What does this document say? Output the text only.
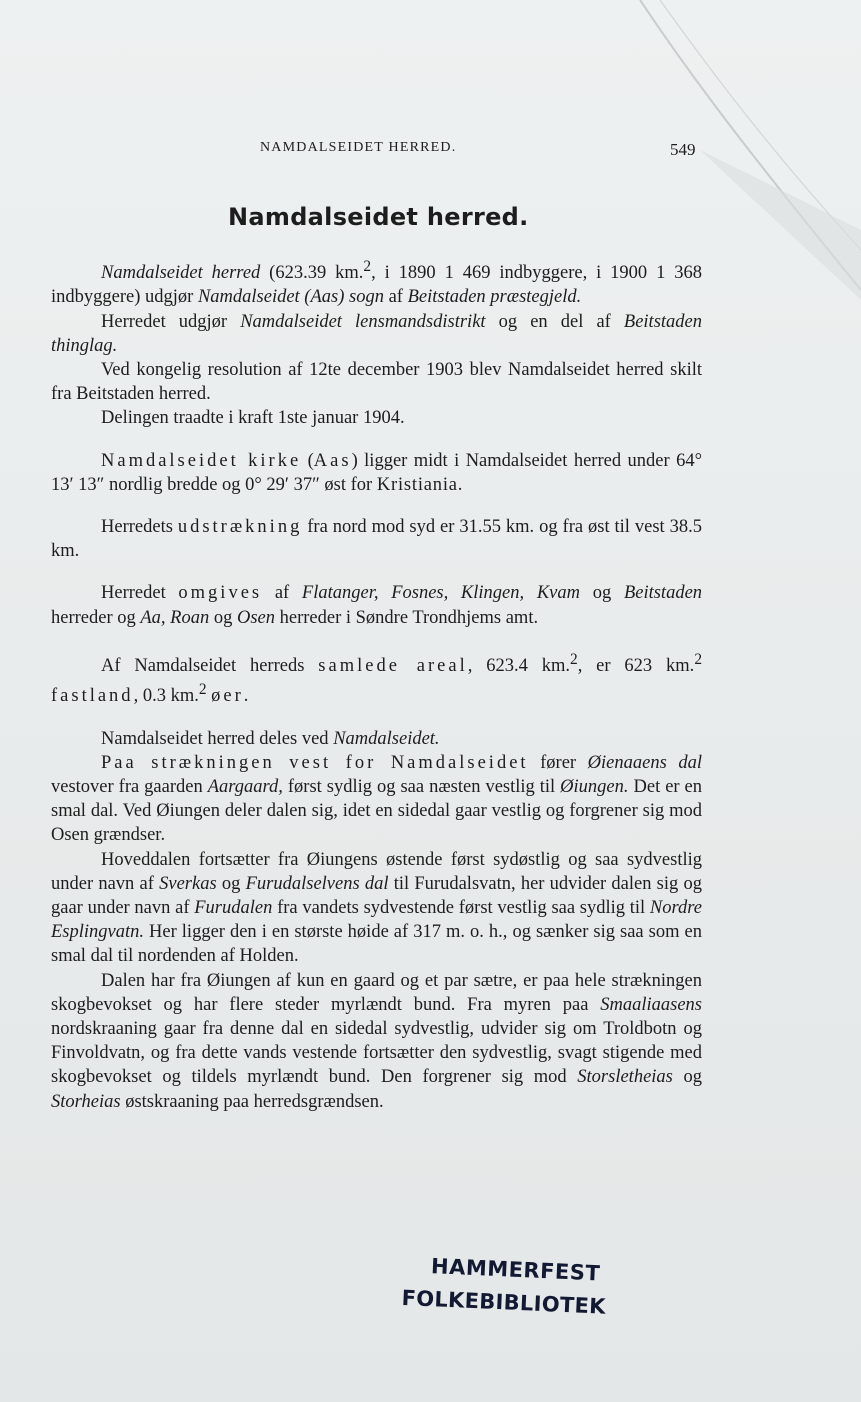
NAMDALSEIDET HERRED.	549
Namdalseidet herred.

Namdalseidet herred (623.39 km.$^2$, i 1890 1 469 indbyggere, i 1900 1 368 indbyggere) udgjør Namdalseidet (Aas) sogn af Beitstaden præstegjeld.

Herredet udgjør Namdalseidet lensmandsdistrikt og en del af Beitstaden thinglag.

Ved kongelig resolution af 12te december 1903 blev Namdalseidet herred skilt fra Beitstaden herred.

Delingen traadte i kraft 1ste januar 1904.

Namdalseidet kirke (Aas) ligger midt i Namdalseidet herred under 64° 13′ 13″ nordlig bredde og 0° 29′ 37″ øst for Kristiania.

Herredets udstrækning fra nord mod syd er 31.55 km. og fra øst til vest 38.5 km.

Herredet omgives af Flatanger, Fosnes, Klingen, Kvam og Beitstaden herreder og Aa, Roan og Osen herreder i Søndre Trondhjems amt.

Af Namdalseidet herreds samlede areal, 623.4 km.$^2$, er 623 km.$^2$ fastland, 0.3 km.$^2$ øer.

Namdalseidet herred deles ved Namdalseidet.

Paa strækningen vest for Namdalseidet fører Øienaaens dal vestover fra gaarden Aargaard, først sydlig og saa næsten vestlig til Øiungen. Det er en smal dal. Ved Øiungen deler dalen sig, idet en sidedal gaar vestlig og forgrener sig mod Osen grændser.

Hoveddalen fortsætter fra Øiungens østende først sydøstlig og saa sydvestlig under navn af Sverkas og Furudalselvens dal til Furudalsvatn, her udvider dalen sig og gaar under navn af Furudalen fra vandets sydvestende først vestlig saa sydlig til Nordre Esplingvatn. Her ligger den i en største høide af 317 m. o. h., og sænker sig saa som en smal dal til nordenden af Holden.

Dalen har fra Øiungen af kun en gaard og et par sætre, er paa hele strækningen skogbevokset og har flere steder myrlændt bund. Fra myren paa Smaaliaasens nordskraaning gaar fra denne dal en sidedal sydvestlig, udvider sig om Troldbotn og Finvoldvatn, og fra dette vands vestende fortsætter den sydvestlig, svagt stigende med skogbevokset og tildels myrlændt bund. Den forgrener sig mod Storsletheias og Storheias østskraaning paa herredsgrændsen.

HAMMERFEST
FOLKEBIBLIOTEK
